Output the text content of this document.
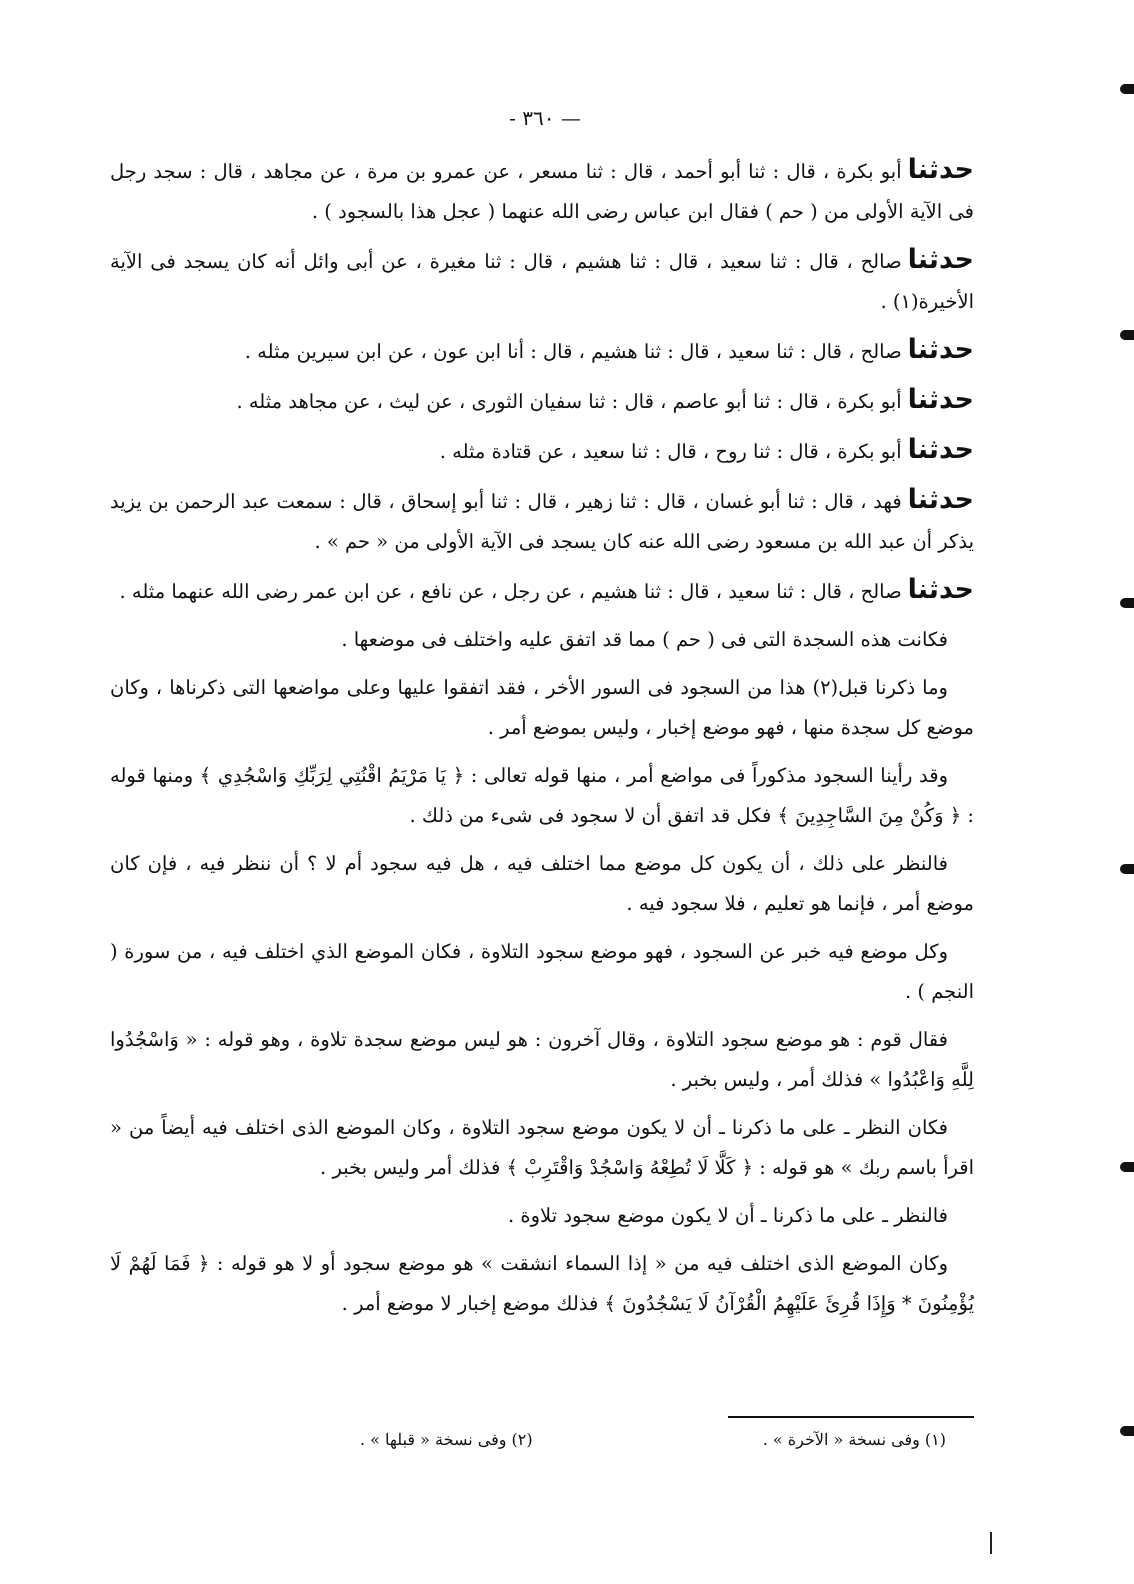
— ٣٦٠ -

حدثناأبو بكرة ، قال : ثنا أبو أحمد ، قال : ثنا مسعر ، عن عمرو بن مرة ، عن مجاهد ، قال : سجد رجل فى الآية الأولى من ( حم ) فقال ابن عباس رضى الله عنهما ( عجل هذا بالسجود ) .

حدثناصالح ، قال : ثنا سعيد ، قال : ثنا هشيم ، قال : ثنا مغيرة ، عن أبى وائل أنه كان يسجد فى الآية الأخيرة(١) .

حدثناصالح ، قال : ثنا سعيد ، قال : ثنا هشيم ، قال : أنا ابن عون ، عن ابن سيرين مثله .

حدثناأبو بكرة ، قال : ثنا أبو عاصم ، قال : ثنا سفيان الثورى ، عن ليث ، عن مجاهد مثله .

حدثناأبو بكرة ، قال : ثنا روح ، قال : ثنا سعيد ، عن قتادة مثله .

حدثنافهد ، قال : ثنا أبو غسان ، قال : ثنا زهير ، قال : ثنا أبو إسحاق ، قال : سمعت عبد الرحمن بن يزيد يذكر أن عبد الله بن مسعود رضى الله عنه كان يسجد فى الآية الأولى من « حم » .

حدثناصالح ، قال : ثنا سعيد ، قال : ثنا هشيم ، عن رجل ، عن نافع ، عن ابن عمر رضى الله عنهما مثله .

فكانت هذه السجدة التى فى ( حم ) مما قد اتفق عليه واختلف فى موضعها .

وما ذكرنا قبل(٢) هذا من السجود فى السور الأخر ، فقد اتفقوا عليها وعلى مواضعها التى ذكرناها ، وكان موضع كل سجدة منها ، فهو موضع إخبار ، وليس بموضع أمر .

وقد رأينا السجود مذكوراً فى مواضع أمر ، منها قوله تعالى : ﴿ يَا مَرْيَمُ اقْنُتِي لِرَبِّكِ وَاسْجُدِي ﴾ ومنها قوله : ﴿ وَكُنْ مِنَ السَّاجِدِينَ ﴾ فكل قد اتفق أن لا سجود فى شىء من ذلك .

فالنظر على ذلك ، أن يكون كل موضع مما اختلف فيه ، هل فيه سجود أم لا ؟ أن ننظر فيه ، فإن كان موضع أمر ، فإنما هو تعليم ، فلا سجود فيه .

وكل موضع فيه خبر عن السجود ، فهو موضع سجود التلاوة ، فكان الموضع الذي اختلف فيه ، من سورة ( النجم ) .

فقال قوم : هو موضع سجود التلاوة ، وقال آخرون : هو ليس موضع سجدة تلاوة ، وهو قوله : « وَاسْجُدُوا لِلَّهِ وَاعْبُدُوا » فذلك أمر ، وليس بخبر .

فكان النظر ـ على ما ذكرنا ـ أن لا يكون موضع سجود التلاوة ، وكان الموضع الذى اختلف فيه أيضاً من « اقرأ باسم ربك » هو قوله : ﴿ كَلَّا لَا تُطِعْهُ وَاسْجُدْ وَاقْتَرِبْ ﴾ فذلك أمر وليس بخبر .

فالنظر ـ على ما ذكرنا ـ أن لا يكون موضع سجود تلاوة .

وكان الموضع الذى اختلف فيه من « إذا السماء انشقت » هو موضع سجود أو لا هو قوله : ﴿ فَمَا لَهُمْ لَا يُؤْمِنُونَ * وَإِذَا قُرِئَ عَلَيْهِمُ الْقُرْآنُ لَا يَسْجُدُونَ ﴾ فذلك موضع إخبار لا موضع أمر .

(١) وفى نسخة « الآخرة » .
(٢) وفى نسخة « قبلها » .
